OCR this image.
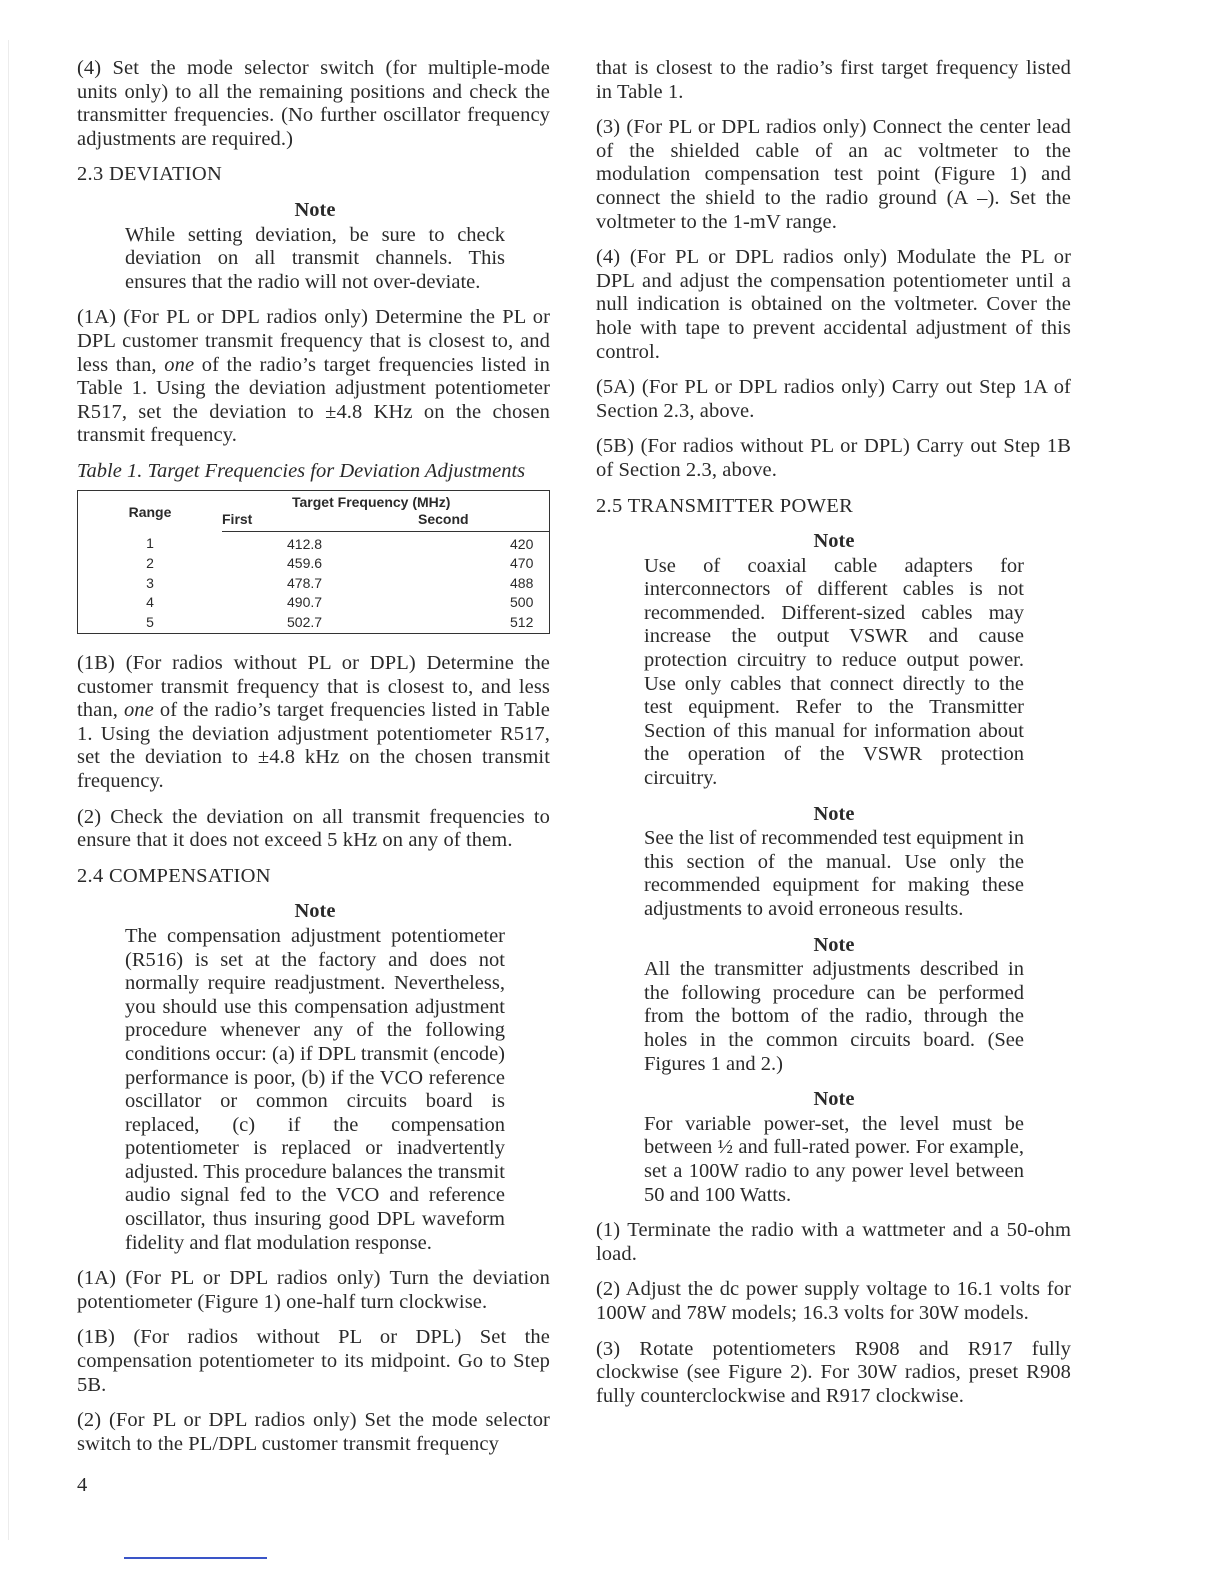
(4) Set the mode selector switch (for multiple-mode units only) to all the remaining positions and check the transmitter frequencies. (No further oscillator frequency adjustments are required.)

2.3 DEVIATION
Note
While setting deviation, be sure to check deviation on all transmit channels. This ensures that the radio will not over-deviate.

(1A) (For PL or DPL radios only) Determine the PL or DPL customer transmit frequency that is closest to, and less than, one of the radio’s target frequencies listed in Table 1. Using the deviation adjustment potentiometer R517, set the deviation to ±4.8 KHz on the chosen transmit frequency.

Table 1. Target Frequencies for Deviation Adjustments
Range	Target Frequency (MHz)	
	First	Second
1	412.8	420
2	459.6	470
3	478.7	488
4	490.7	500
5	502.7	512

(1B) (For radios without PL or DPL) Determine the customer transmit frequency that is closest to, and less than, one of the radio’s target frequencies listed in Table 1. Using the deviation adjustment potentiometer R517, set the deviation to ±4.8 kHz on the chosen transmit frequency.

(2) Check the deviation on all transmit frequencies to ensure that it does not exceed 5 kHz on any of them.

2.4 COMPENSATION
Note
The compensation adjustment potentiometer (R516) is set at the factory and does not normally require readjustment. Nevertheless, you should use this compensation adjustment procedure whenever any of the following conditions occur: (a) if DPL transmit (encode) performance is poor, (b) if the VCO reference oscillator or common circuits board is replaced, (c) if the compensation potentiometer is replaced or inadvertently adjusted. This procedure balances the transmit audio signal fed to the VCO and reference oscillator, thus insuring good DPL waveform fidelity and flat modulation response.

(1A) (For PL or DPL radios only) Turn the deviation potentiometer (Figure 1) one-half turn clockwise.

(1B) (For radios without PL or DPL) Set the compensation potentiometer to its midpoint. Go to Step 5B.

(2) (For PL or DPL radios only) Set the mode selector switch to the PL/DPL customer transmit frequency

that is closest to the radio’s first target frequency listed in Table 1.

(3) (For PL or DPL radios only) Connect the center lead of the shielded cable of an ac voltmeter to the modulation compensation test point (Figure 1) and connect the shield to the radio ground (A –). Set the voltmeter to the 1-mV range.

(4) (For PL or DPL radios only) Modulate the PL or DPL and adjust the compensation potentiometer until a null indication is obtained on the voltmeter. Cover the hole with tape to prevent accidental adjustment of this control.

(5A) (For PL or DPL radios only) Carry out Step 1A of Section 2.3, above.

(5B) (For radios without PL or DPL) Carry out Step 1B of Section 2.3, above.

2.5 TRANSMITTER POWER
Note
Use of coaxial cable adapters for interconnectors of different cables is not recommended. Different-sized cables may increase the output VSWR and cause protection circuitry to reduce output power. Use only cables that connect directly to the test equipment. Refer to the Transmitter Section of this manual for information about the operation of the VSWR protection circuitry.
Note
See the list of recommended test equipment in this section of the manual. Use only the recommended equipment for making these adjustments to avoid erroneous results.
Note
All the transmitter adjustments described in the following procedure can be performed from the bottom of the radio, through the holes in the common circuits board. (See Figures 1 and 2.)
Note
For variable power-set, the level must be between ½ and full-rated power. For example, set a 100W radio to any power level between 50 and 100 Watts.

(1) Terminate the radio with a wattmeter and a 50-ohm load.

(2) Adjust the dc power supply voltage to 16.1 volts for 100W and 78W models; 16.3 volts for 30W models.

(3) Rotate potentiometers R908 and R917 fully clockwise (see Figure 2). For 30W radios, preset R908 fully counterclockwise and R917 clockwise.

4
